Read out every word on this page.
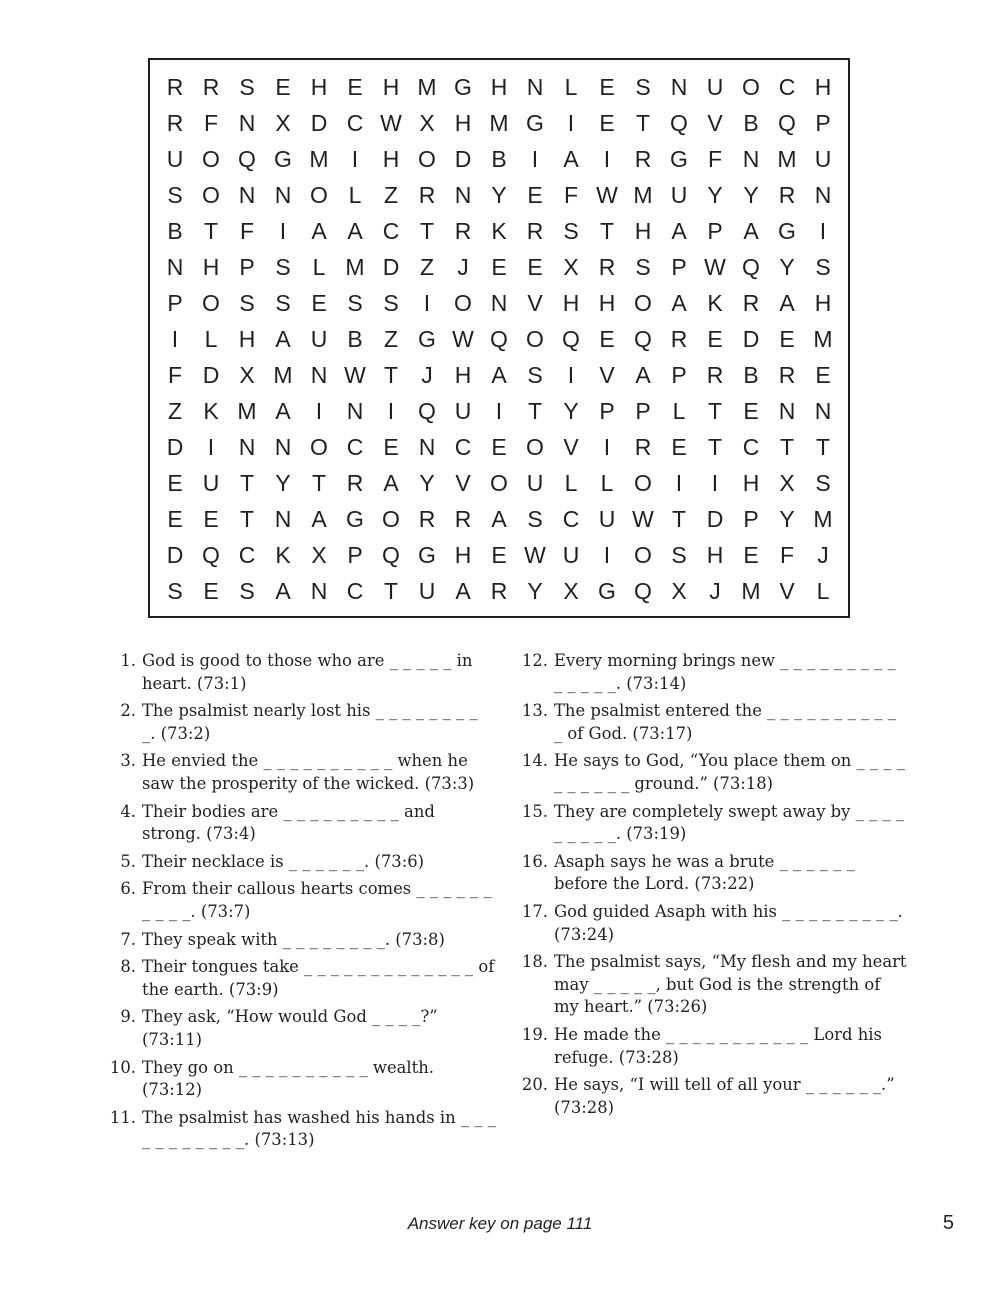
R R S E H E H M G H N L E S N U O C H
R F N X D C W X H M G	I	E T Q V B Q P
U O Q G M	I	H O D B	I	A	I	R G F N M U
S O N N O L Z R N Y E F W M U Y Y R N
B T F	I	A A C T R K R S T H A P A G	I
N H P S L M D Z	J E E X R S P W Q Y S
P O S S E S S	I	O N V H H O A K R A H
I	L H A U B Z G W Q O Q E Q R E D E M
F D X M N W T	J H A S	I	V A P R B R E
Z K M A	I	N	I	Q U	I	T Y P P L T E N N
D	I	N N O C E N C E O V	I	R E T C T T
E U T Y T R A Y V O U L	L O	I	I	H X S
E E T N A G O R R A S C U W T D P Y M
D Q C K X P Q G H E W U	I	O S H E F	J
S E S A N C T U A R Y X G Q X J M V L
1. God is good to those who are _ _ _ _ _ in heart. (73:1)
2. The psalmist nearly lost his _ _ _ _ _ _ _ _ _. (73:2)
3. He envied the _ _ _ _ _ _ _ _ _ _ when he saw the prosperity of the wicked. (73:3)
4. Their bodies are _ _ _ _ _ _ _ _ _ and strong. (73:4)
5. Their necklace is _ _ _ _ _ _. (73:6)
6. From their callous hearts comes _ _ _ _ _ _ _ _ _ _. (73:7)
7. They speak with _ _ _ _ _ _ _ _. (73:8)
8. Their tongues take _ _ _ _ _ _ _ _ _ _ _ _ _ of the earth. (73:9)
9. They ask, “How would God _ _ _ _?” (73:11)
10. They go on _ _ _ _ _ _ _ _ _ _ wealth. (73:12)
11. The psalmist has washed his hands in _ _ _ _ _ _ _ _ _ _ _. (73:13)
12. Every morning brings new _ _ _ _ _ _ _ _ _ _ _ _ _ _. (73:14)
13. The psalmist entered the _ _ _ _ _ _ _ _ _ _ _ of God. (73:17)
14. He says to God, “You place them on _ _ _ _ _ _ _ _ _ _ ground.” (73:18)
15. They are completely swept away by _ _ _ _ _ _ _ _ _. (73:19)
16. Asaph says he was a brute _ _ _ _ _ _ before the Lord. (73:22)
17. God guided Asaph with his _ _ _ _ _ _ _ _ _. (73:24)
18. The psalmist says, “My flesh and my heart may _ _ _ _ _, but God is the strength of my heart.” (73:26)
19. He made the _ _ _ _ _ _ _ _ _ _ _ Lord his refuge. (73:28)
20. He says, “I will tell of all your _ _ _ _ _ _.” (73:28)
Answer key on page 111	5
